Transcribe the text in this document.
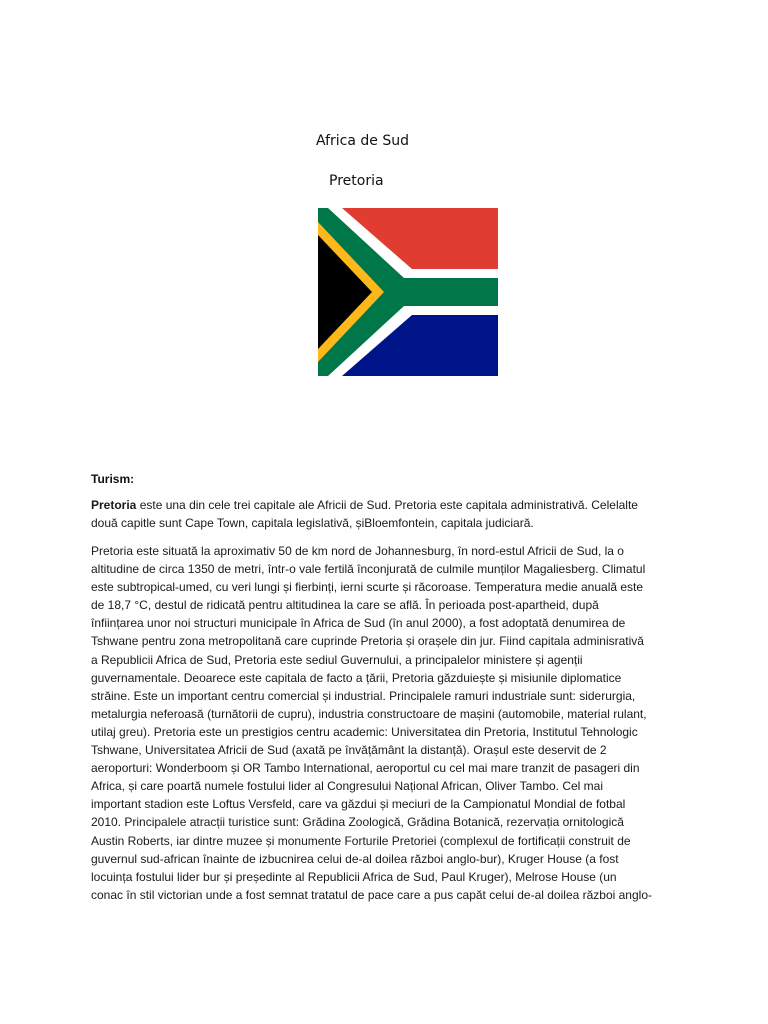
Africa de Sud
Pretoria
Turism:
Pretoria este una din cele trei capitale ale Africii de Sud. Pretoria este capitala administrativă. Celelalte
două capitle sunt Cape Town, capitala legislativă, șiBloemfontein, capitala judiciară.
Pretoria este situată la aproximativ 50 de km nord de Johannesburg, în nord-estul Africii de Sud, la o
altitudine de circa 1350 de metri, într-o vale fertilă înconjurată de culmile munților Magaliesberg. Climatul
este subtropical-umed, cu veri lungi și fierbinți, ierni scurte și răcoroase. Temperatura medie anuală este
de 18,7 °C, destul de ridicată pentru altitudinea la care se află. În perioada post-apartheid, după
înființarea unor noi structuri municipale în Africa de Sud (în anul 2000), a fost adoptată denumirea de
Tshwane pentru zona metropolitană care cuprinde Pretoria și orașele din jur. Fiind capitala adminisrativă
a Republicii Africa de Sud, Pretoria este sediul Guvernului, a principalelor ministere și agenții
guvernamentale. Deoarece este capitala de facto a țării, Pretoria găzduiește și misiunile diplomatice
străine. Este un important centru comercial și industrial. Principalele ramuri industriale sunt: siderurgia,
metalurgia neferoasă (turnătorii de cupru), industria constructoare de mașini (automobile, material rulant,
utilaj greu). Pretoria este un prestigios centru academic: Universitatea din Pretoria, Institutul Tehnologic
Tshwane, Universitatea Africii de Sud (axată pe învățământ la distanță). Orașul este deservit de 2
aeroporturi: Wonderboom și OR Tambo International, aeroportul cu cel mai mare tranzit de pasageri din
Africa, și care poartă numele fostului lider al Congresului Național African, Oliver Tambo. Cel mai
important stadion este Loftus Versfeld, care va găzdui și meciuri de la Campionatul Mondial de fotbal
2010. Principalele atracții turistice sunt: Grădina Zoologică, Grădina Botanică, rezervația ornitologică
Austin Roberts, iar dintre muzee și monumente Forturile Pretoriei (complexul de fortificații construit de
guvernul sud-african înainte de izbucnirea celui de-al doilea război anglo-bur), Kruger House (a fost
locuința fostului lider bur și președinte al Republicii Africa de Sud, Paul Kruger), Melrose House (un
conac în stil victorian unde a fost semnat tratatul de pace care a pus capăt celui de-al doilea război anglo-
